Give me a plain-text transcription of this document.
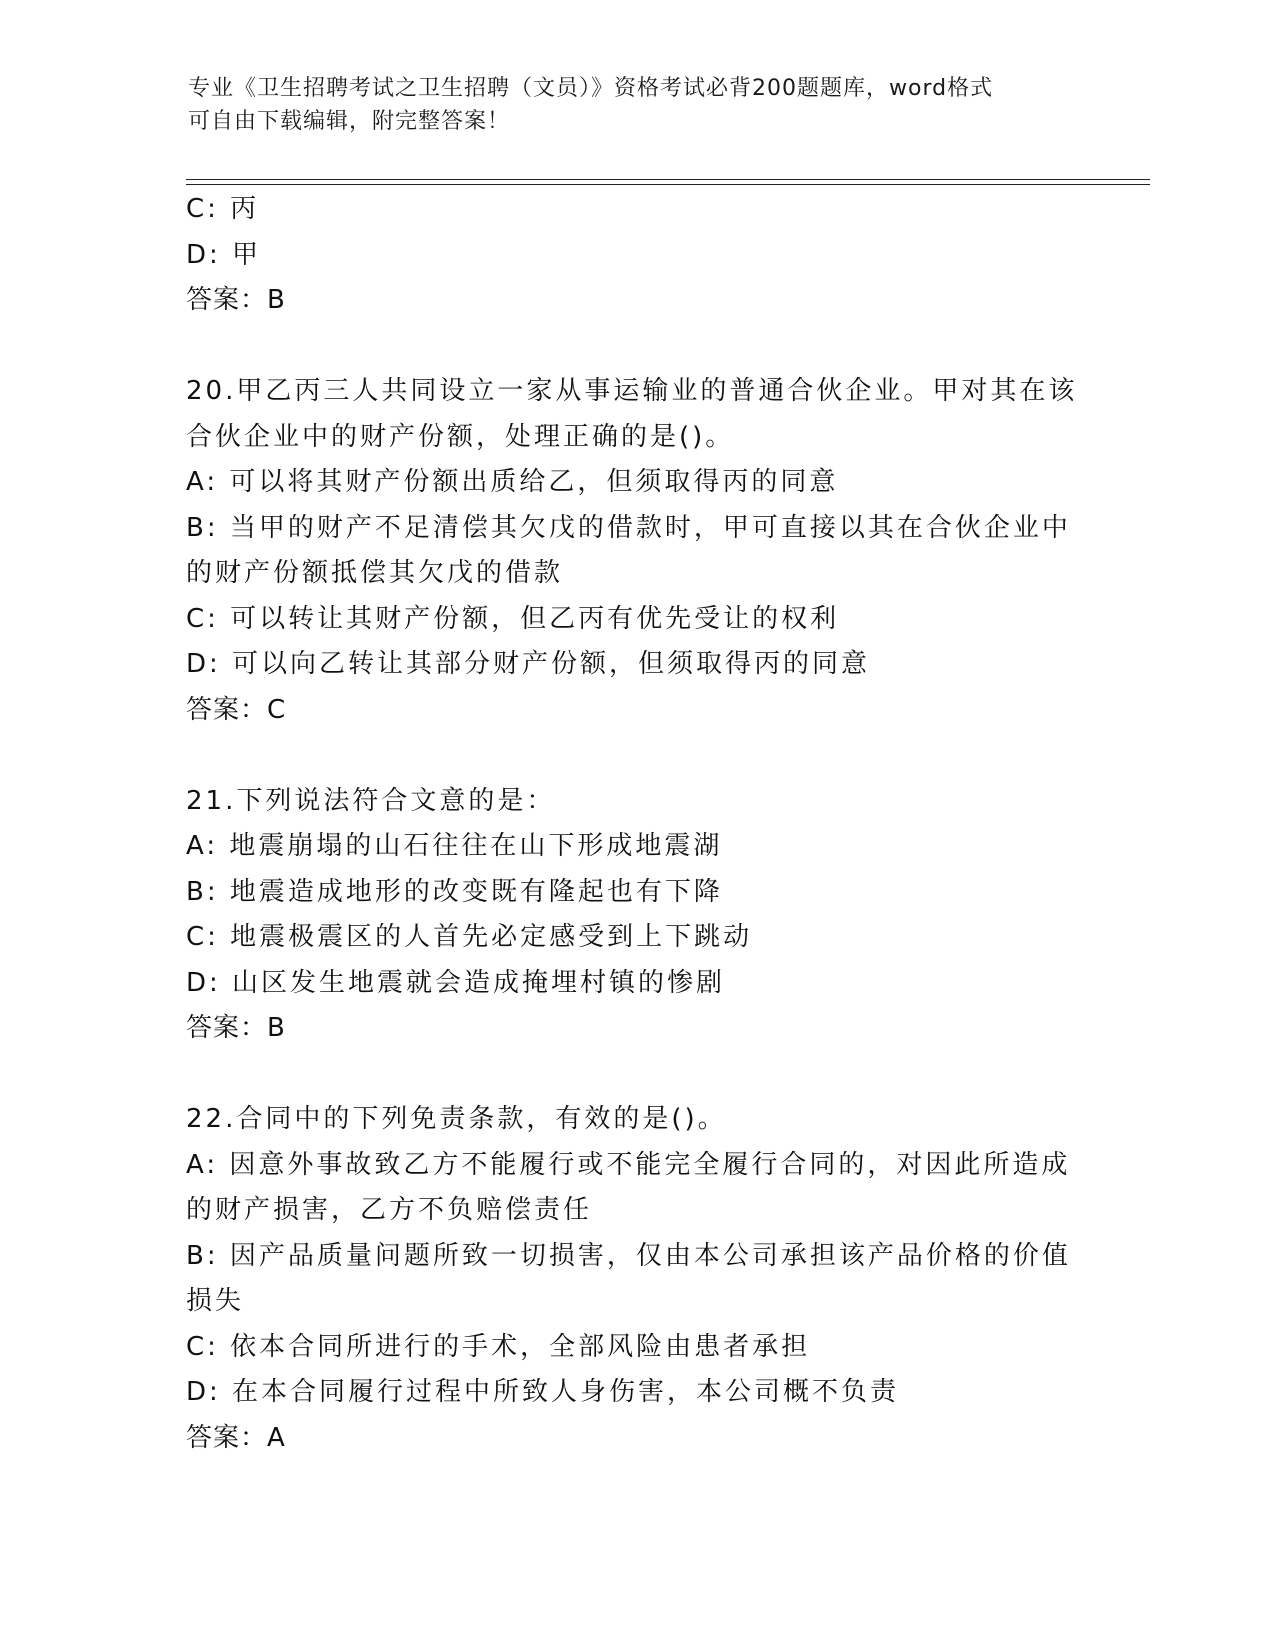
专业《卫生招聘考试之卫生招聘（文员）》资格考试必背200题题库，word格式
可自由下载编辑，附完整答案！
C: 丙
D: 甲
答案：B
20.甲乙丙三人共同设立一家从事运输业的普通合伙企业。甲对其在该
合伙企业中的财产份额，处理正确的是()。
A: 可以将其财产份额出质给乙，但须取得丙的同意
B: 当甲的财产不足清偿其欠戊的借款时，甲可直接以其在合伙企业中
的财产份额抵偿其欠戊的借款
C: 可以转让其财产份额，但乙丙有优先受让的权利
D: 可以向乙转让其部分财产份额，但须取得丙的同意
答案：C
21.下列说法符合文意的是：
A: 地震崩塌的山石往往在山下形成地震湖
B: 地震造成地形的改变既有隆起也有下降
C: 地震极震区的人首先必定感受到上下跳动
D: 山区发生地震就会造成掩埋村镇的惨剧
答案：B
22.合同中的下列免责条款，有效的是()。
A: 因意外事故致乙方不能履行或不能完全履行合同的，对因此所造成
的财产损害，乙方不负赔偿责任
B: 因产品质量问题所致一切损害，仅由本公司承担该产品价格的价值
损失
C: 依本合同所进行的手术，全部风险由患者承担
D: 在本合同履行过程中所致人身伤害，本公司概不负责
答案：A
